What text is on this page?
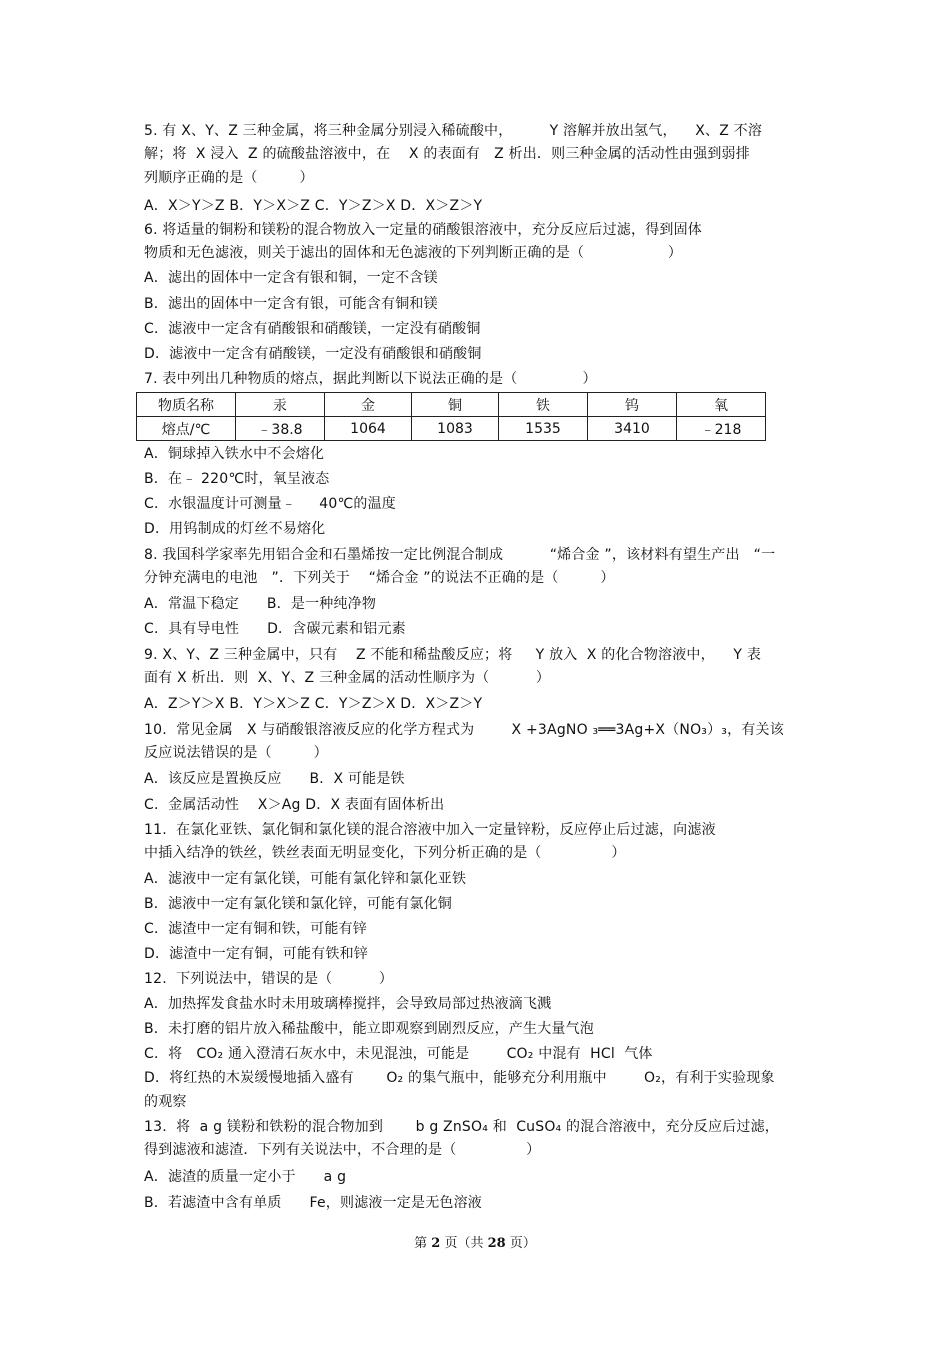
5. 有 X、Y、Z 三种金属，将三种金属分别浸入稀硫酸中，        Y 溶解并放出氢气，    X、Z 不溶
解；将  X 浸入  Z 的硫酸盐溶液中，在    X 的表面有   Z 析出．则三种金属的活动性由强到弱排
列顺序正确的是（         ）
A．X＞Y＞Z B．Y＞X＞Z C．Y＞Z＞X D．X＞Z＞Y
6. 将适量的铜粉和镁粉的混合物放入一定量的硝酸银溶液中，充分反应后过滤，得到固体
物质和无色滤液，则关于滤出的固体和无色滤液的下列判断正确的是（                  ）
A．滤出的固体中一定含有银和铜，一定不含镁
B．滤出的固体中一定含有银，可能含有铜和镁
C．滤液中一定含有硝酸银和硝酸镁，一定没有硝酸铜
D．滤液中一定含有硝酸镁，一定没有硝酸银和硝酸铜
7. 表中列出几种物质的熔点，据此判断以下说法正确的是（              ）
A．铜球掉入铁水中不会熔化
B．在﹣ 220℃时，氧呈液态
C．水银温度计可测量﹣     40℃的温度
D．用钨制成的灯丝不易熔化
8. 我国科学家率先用铝合金和石墨烯按一定比例混合制成          “烯合金 ”，该材料有望生产出   “一
分钟充满电的电池   ”．下列关于    “烯合金 ”的说法不正确的是（         ）
A．常温下稳定      B．是一种纯净物
C．具有导电性      D．含碳元素和铝元素
9. X、Y、Z 三种金属中，只有    Z 不能和稀盐酸反应；将     Y 放入  X 的化合物溶液中，    Y 表
面有 X 析出．则  X、Y、Z 三种金属的活动性顺序为（          ）
A．Z＞Y＞X B．Y＞X＞Z C．Y＞Z＞X D．X＞Z＞Y
10.  常见金属   X 与硝酸银溶液反应的化学方程式为        X +3AgNO ₃══3Ag+X（NO₃）₃，有关该
反应说法错误的是（         ）
A．该反应是置换反应      B．X 可能是铁
C．金属活动性    X＞Ag D．X 表面有固体析出
11.  在氯化亚铁、氯化铜和氯化镁的混合溶液中加入一定量锌粉，反应停止后过滤，向滤液
中插入结净的铁丝，铁丝表面无明显变化，下列分析正确的是（               ）
A．滤液中一定有氯化镁，可能有氯化锌和氯化亚铁
B．滤液中一定有氯化镁和氯化锌，可能有氯化铜
C．滤渣中一定有铜和铁，可能有锌
D．滤渣中一定有铜，可能有铁和锌
12.  下列说法中，错误的是（          ）
A．加热挥发食盐水时未用玻璃棒搅拌，会导致局部过热液滴飞溅
B．未打磨的铝片放入稀盐酸中，能立即观察到剧烈反应，产生大量气泡
C．将   CO₂ 通入澄清石灰水中，未见混浊，可能是        CO₂ 中混有  HCl  气体
D．将红热的木炭缓慢地插入盛有       O₂ 的集气瓶中，能够充分利用瓶中        O₂，有利于实验现象
的观察
13.  将  a g 镁粉和铁粉的混合物加到       b g ZnSO₄ 和  CuSO₄ 的混合溶液中，充分反应后过滤，
得到滤液和滤渣．下列有关说法中，不合理的是（               ）
A．滤渣的质量一定小于      a g
B．若滤渣中含有单质      Fe，则滤液一定是无色溶液
物质名称	汞	金	铜	铁	钨	氧
熔点/℃	﹣38.8	1064	1083	1535	3410	﹣218
第 2 页（共 28 页）
